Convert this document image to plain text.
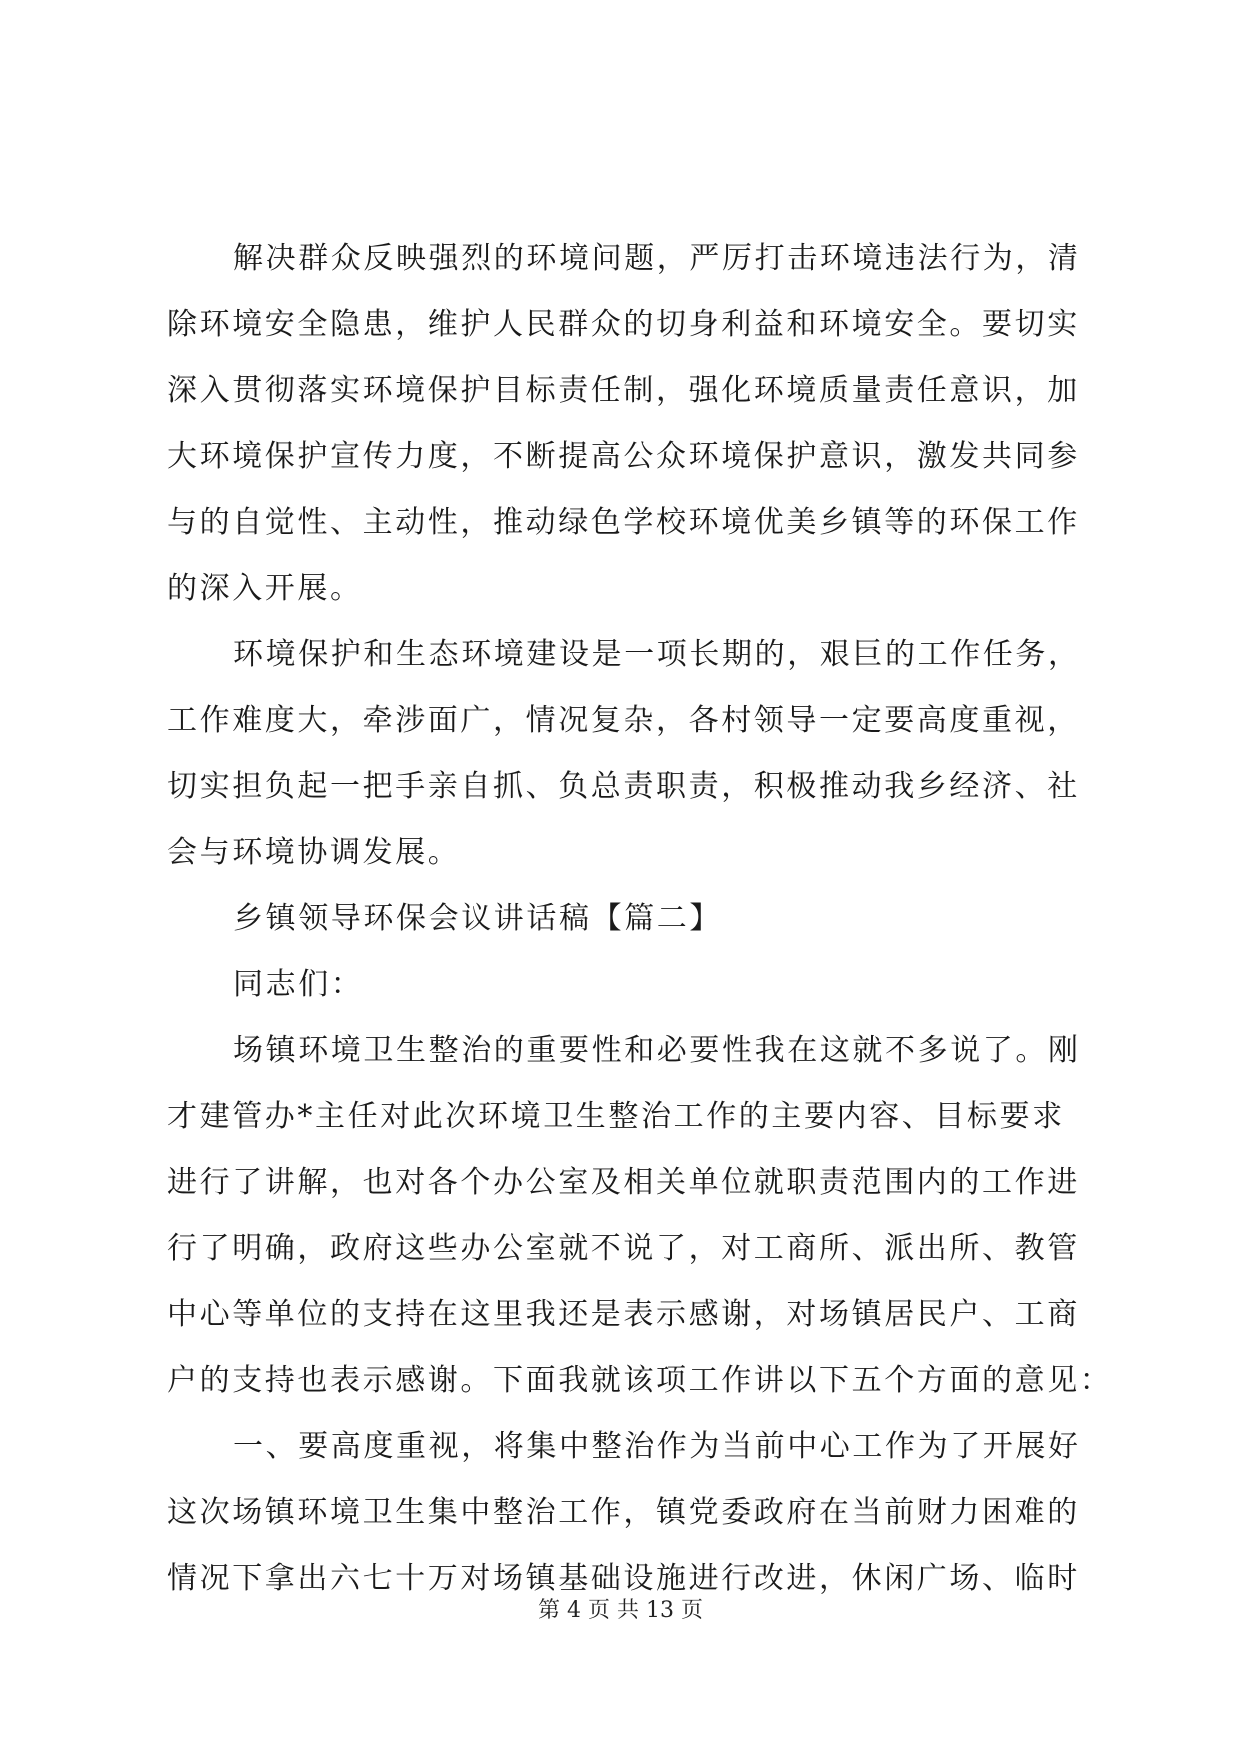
解决群众反映强烈的环境问题，严厉打击环境违法行为，清
除环境安全隐患，维护人民群众的切身利益和环境安全。要切实
深入贯彻落实环境保护目标责任制，强化环境质量责任意识，加
大环境保护宣传力度，不断提高公众环境保护意识，激发共同参
与的自觉性、主动性，推动绿色学校环境优美乡镇等的环保工作
的深入开展。
环境保护和生态环境建设是一项长期的，艰巨的工作任务，
工作难度大，牵涉面广，情况复杂，各村领导一定要高度重视，
切实担负起一把手亲自抓、负总责职责，积极推动我乡经济、社
会与环境协调发展。
乡镇领导环保会议讲话稿【篇二】
同志们：
场镇环境卫生整治的重要性和必要性我在这就不多说了。刚
才建管办*主任对此次环境卫生整治工作的主要内容、目标要求
进行了讲解，也对各个办公室及相关单位就职责范围内的工作进
行了明确，政府这些办公室就不说了，对工商所、派出所、教管
中心等单位的支持在这里我还是表示感谢，对场镇居民户、工商
户的支持也表示感谢。下面我就该项工作讲以下五个方面的意见：
一、要高度重视，将集中整治作为当前中心工作为了开展好
这次场镇环境卫生集中整治工作，镇党委政府在当前财力困难的
情况下拿出六七十万对场镇基础设施进行改进，休闲广场、临时
第 4 页 共 13 页
